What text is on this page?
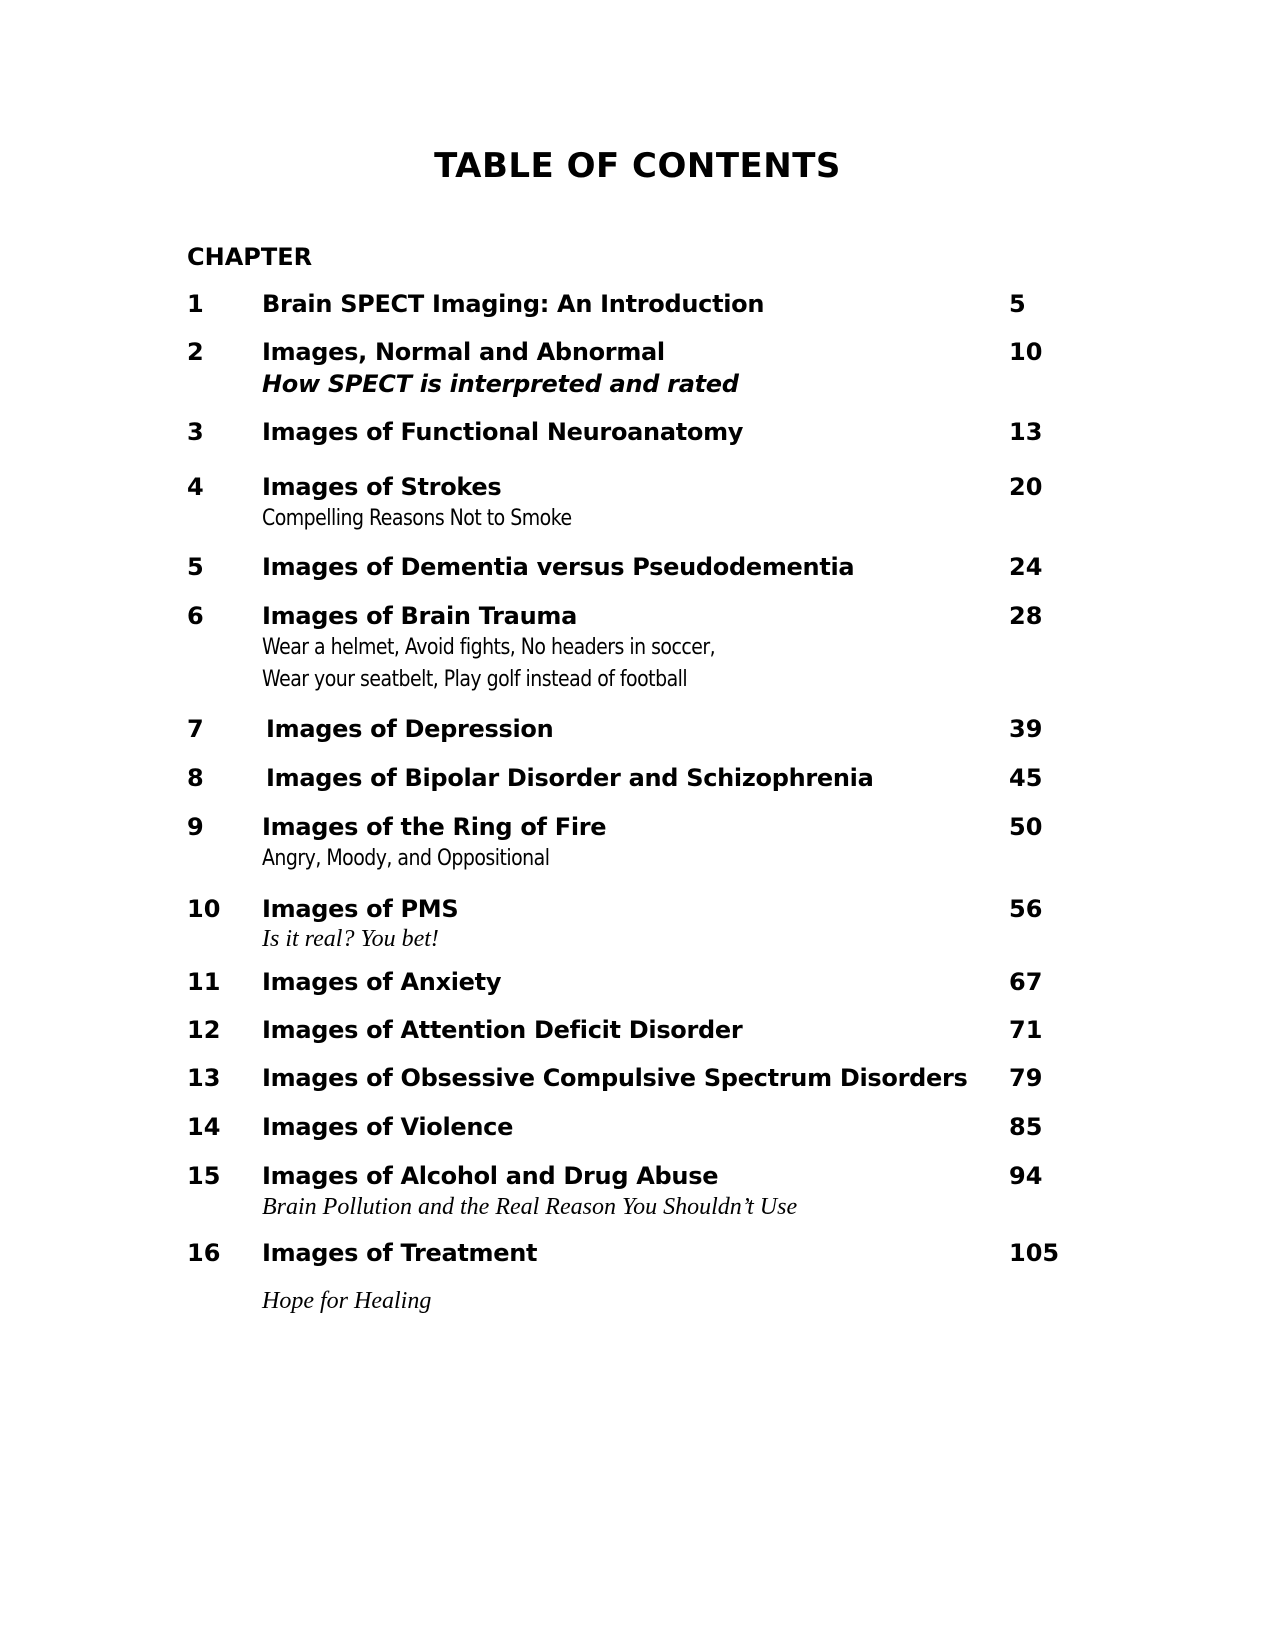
TABLE OF CONTENTS
CHAPTER
1 Brain SPECT Imaging: An Introduction	5
2 Images, Normal and Abnormal	10
How SPECT is interpreted and rated
3 Images of Functional Neuroanatomy	13
4 Images of Strokes	20
Compelling Reasons Not to Smoke
5 Images of Dementia versus Pseudodementia	24
6 Images of Brain Trauma	28
Wear a helmet, Avoid fights, No headers in soccer,
Wear your seatbelt, Play golf instead of football
7	Images of Depression	39
8	Images of Bipolar Disorder and Schizophrenia	45
9 Images of the Ring of Fire	50
Angry, Moody, and Oppositional
10 Images of PMS	56
Is it real? You bet!
11 Images of Anxiety	67
12 Images of Attention Deficit Disorder	71
13 Images of Obsessive Compulsive Spectrum Disorders 79
14 Images of Violence	85
15 Images of Alcohol and Drug Abuse	94
Brain Pollution and the Real Reason You Shouldn’t Use
16 Images of Treatment	105
Hope for Healing
